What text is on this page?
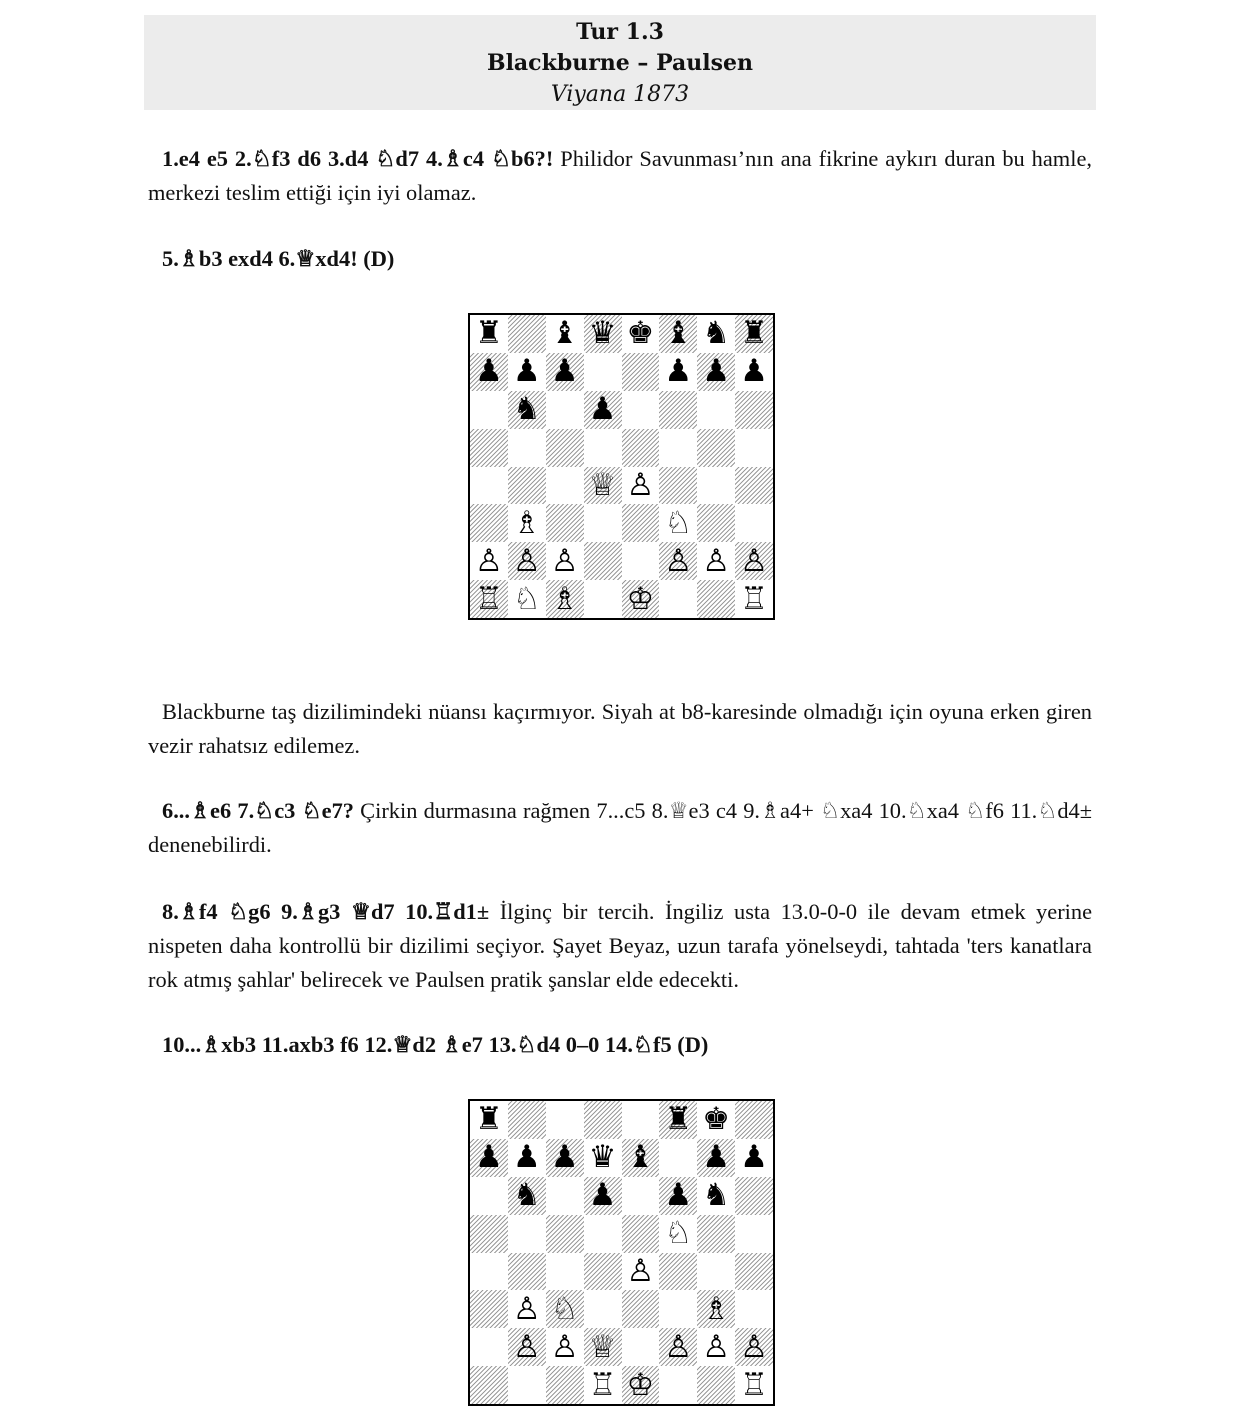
Tur 1.3
Blackburne – Paulsen
Viyana 1873
1.e4 e5 2.♘f3 d6 3.d4 ♘d7 4.♗c4 ♘b6?! Philidor Savunması’nın ana fikrine aykırı duran bu hamle, merkezi teslim ettiği için iyi olamaz.
5.♗b3 exd4 6.♕xd4! (D)
♜ ♝ ♛ ♚ ♝ ♞ ♜
♟ ♟ ♟	♟ ♟ ♟
♞ ♟
♕ ♙
♗	♘
♙ ♙ ♙	♙ ♙ ♙
♖ ♘ ♗ ♔	♖
Blackburne taş dizilimindeki nüansı kaçırmıyor. Siyah at b8-karesinde olmadığı için oyuna erken giren vezir rahatsız edilemez.
6...♗e6 7.♘c3 ♘e7? Çirkin durmasına rağmen 7...c5 8.♕e3 c4 9.♗a4+ ♘xa4 10.♘xa4 ♘f6 11.♘d4± denenebilirdi.
8.♗f4 ♘g6 9.♗g3 ♕d7 10.♖d1± İlginç bir tercih. İngiliz usta 13.0-0-0 ile devam etmek yerine nispeten daha kontrollü bir dizilimi seçiyor. Şayet Beyaz, uzun tarafa yönelseydi, tahtada 'ters kanatlara rok atmış şahlar' belirecek ve Paulsen pratik şanslar elde edecekti.
10...♗xb3 11.axb3 f6 12.♕d2 ♗e7 13.♘d4 0–0 14.♘f5 (D)
♜	♜ ♚
♟ ♟ ♟ ♛ ♝ ♟ ♟
♞ ♟ ♟ ♞
♘
♙
♙ ♘	♗
♙ ♙ ♕ ♙ ♙ ♙
♖ ♔	♖
